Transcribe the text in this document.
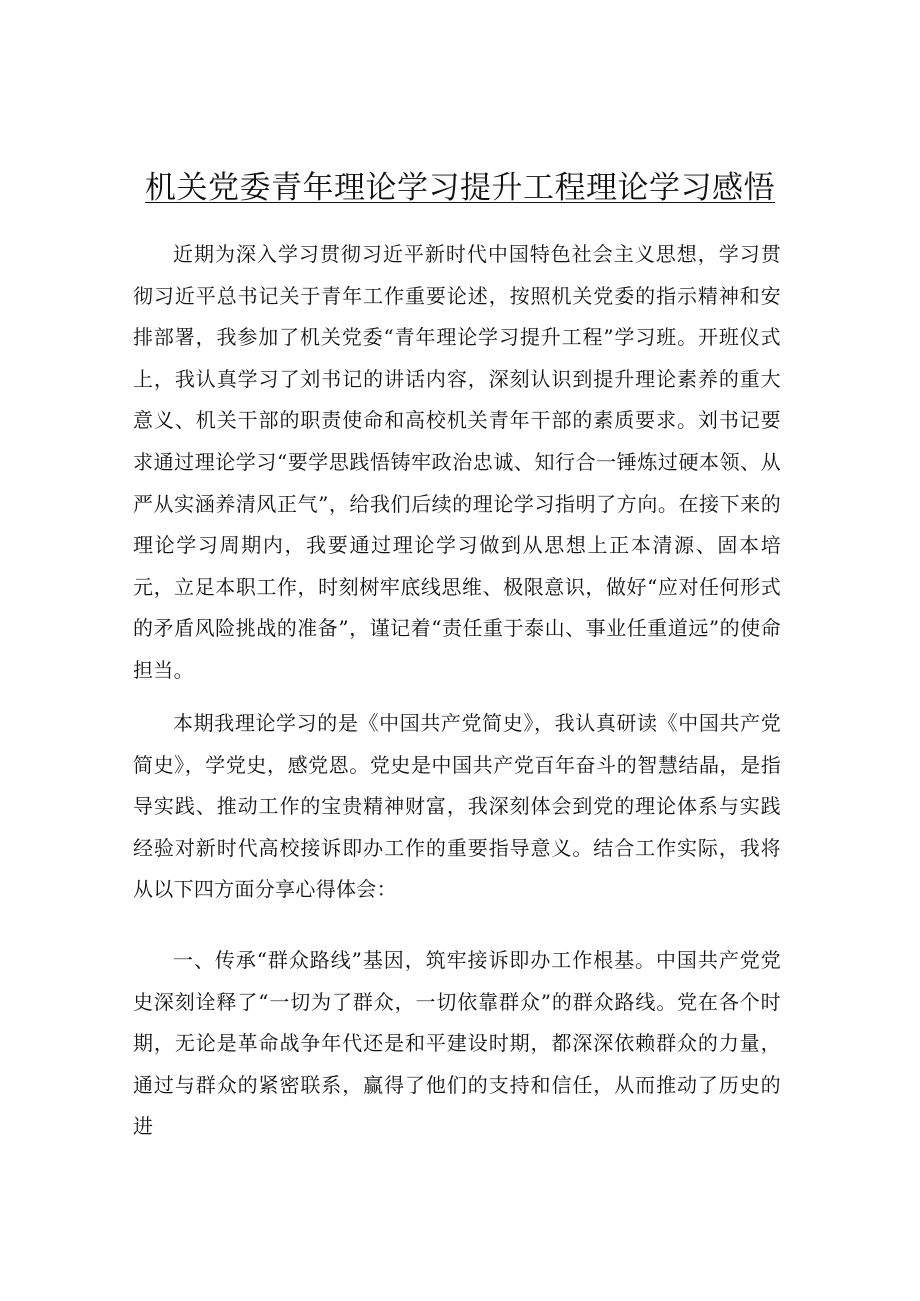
机关党委青年理论学习提升工程理论学习感悟

近期为深入学习贯彻习近平新时代中国特色社会主义思想，学习贯彻习近平总书记关于青年工作重要论述，按照机关党委的指示精神和安排部署，我参加了机关党委“青年理论学习提升工程”学习班。开班仪式上，我认真学习了刘书记的讲话内容，深刻认识到提升理论素养的重大意义、机关干部的职责使命和高校机关青年干部的素质要求。刘书记要求通过理论学习“要学思践悟铸牢政治忠诚、知行合一锤炼过硬本领、从严从实涵养清风正气”，给我们后续的理论学习指明了方向。在接下来的理论学习周期内，我要通过理论学习做到从思想上正本清源、固本培元，立足本职工作，时刻树牢底线思维、极限意识，做好“应对任何形式的矛盾风险挑战的准备”，谨记着“责任重于泰山、事业任重道远”的使命担当。

本期我理论学习的是《中国共产党简史》，我认真研读《中国共产党简史》，学党史，感党恩。党史是中国共产党百年奋斗的智慧结晶，是指导实践、推动工作的宝贵精神财富，我深刻体会到党的理论体系与实践经验对新时代高校接诉即办工作的重要指导意义。结合工作实际，我将从以下四方面分享心得体会：

一、传承“群众路线”基因，筑牢接诉即办工作根基。中国共产党党史深刻诠释了“一切为了群众，一切依靠群众”的群众路线。党在各个时期，无论是革命战争年代还是和平建设时期，都深深依赖群众的力量，通过与群众的紧密联系，赢得了他们的支持和信任，从而推动了历史的进
